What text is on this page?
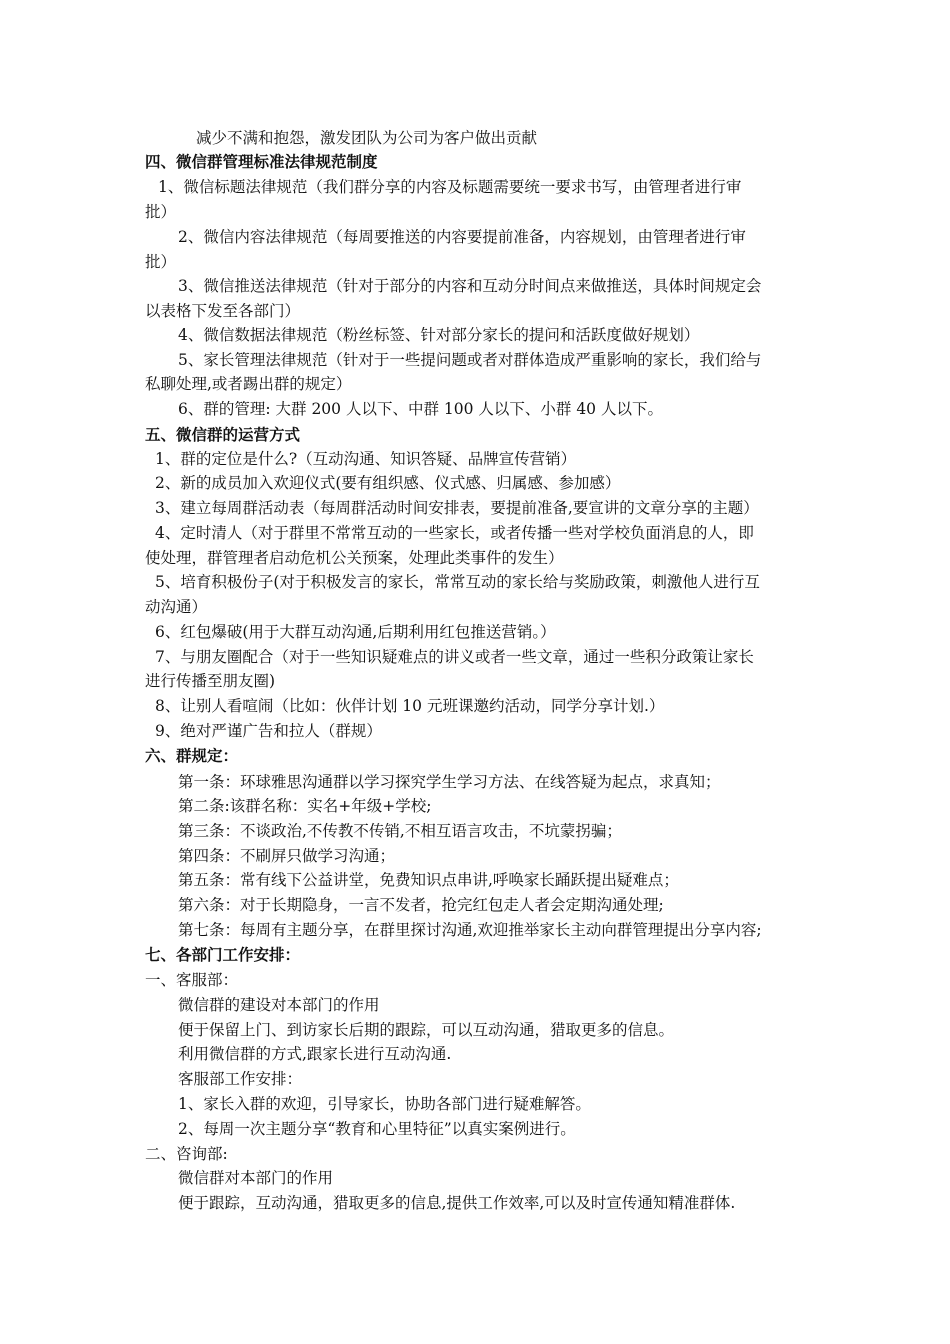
减少不满和抱怨，激发团队为公司为客户做出贡献
四、微信群管理标准法律规范制度
1、微信标题法律规范（我们群分享的内容及标题需要统一要求书写，由管理者进行审
批）
2、微信内容法律规范（每周要推送的内容要提前准备，内容规划，由管理者进行审
批）
3、微信推送法律规范（针对于部分的内容和互动分时间点来做推送，具体时间规定会
以表格下发至各部门）
4、微信数据法律规范（粉丝标签、针对部分家长的提问和活跃度做好规划）
5、家长管理法律规范（针对于一些提问题或者对群体造成严重影响的家长，我们给与
私聊处理,或者踢出群的规定）
6、群的管理: 大群 200 人以下、中群 100 人以下、小群 40 人以下。
五、微信群的运营方式
1、群的定位是什么?（互动沟通、知识答疑、品牌宣传营销）
2、新的成员加入欢迎仪式(要有组织感、仪式感、归属感、参加感）
3、建立每周群活动表（每周群活动时间安排表，要提前准备,要宣讲的文章分享的主题）
4、定时清人（对于群里不常常互动的一些家长，或者传播一些对学校负面消息的人，即
使处理，群管理者启动危机公关预案，处理此类事件的发生）
5、培育积极份子(对于积极发言的家长，常常互动的家长给与奖励政策，刺激他人进行互
动沟通）
6、红包爆破(用于大群互动沟通,后期利用红包推送营销。）
7、与朋友圈配合（对于一些知识疑难点的讲义或者一些文章，通过一些积分政策让家长
进行传播至朋友圈)
8、让别人看喧闹（比如：伙伴计划 10 元班课邀约活动，同学分享计划.）
9、绝对严谨广告和拉人（群规）
六、群规定：
第一条：环球雅思沟通群以学习探究学生学习方法、在线答疑为起点，求真知；
第二条:该群名称：实名+年级+学校;
第三条：不谈政治,不传教不传销,不相互语言攻击，不坑蒙拐骗；
第四条：不刷屏只做学习沟通；
第五条：常有线下公益讲堂，免费知识点串讲,呼唤家长踊跃提出疑难点；
第六条：对于长期隐身，一言不发者，抢完红包走人者会定期沟通处理;
第七条：每周有主题分享，在群里探讨沟通,欢迎推举家长主动向群管理提出分享内容;
七、各部门工作安排：
一、客服部：
微信群的建设对本部门的作用
便于保留上门、到访家长后期的跟踪，可以互动沟通，猎取更多的信息。
利用微信群的方式,跟家长进行互动沟通.
客服部工作安排：
1、家长入群的欢迎，引导家长，协助各部门进行疑难解答。
2、每周一次主题分享“教育和心里特征”以真实案例进行。
二、咨询部:
微信群对本部门的作用
便于跟踪，互动沟通，猎取更多的信息,提供工作效率,可以及时宣传通知精准群体.
